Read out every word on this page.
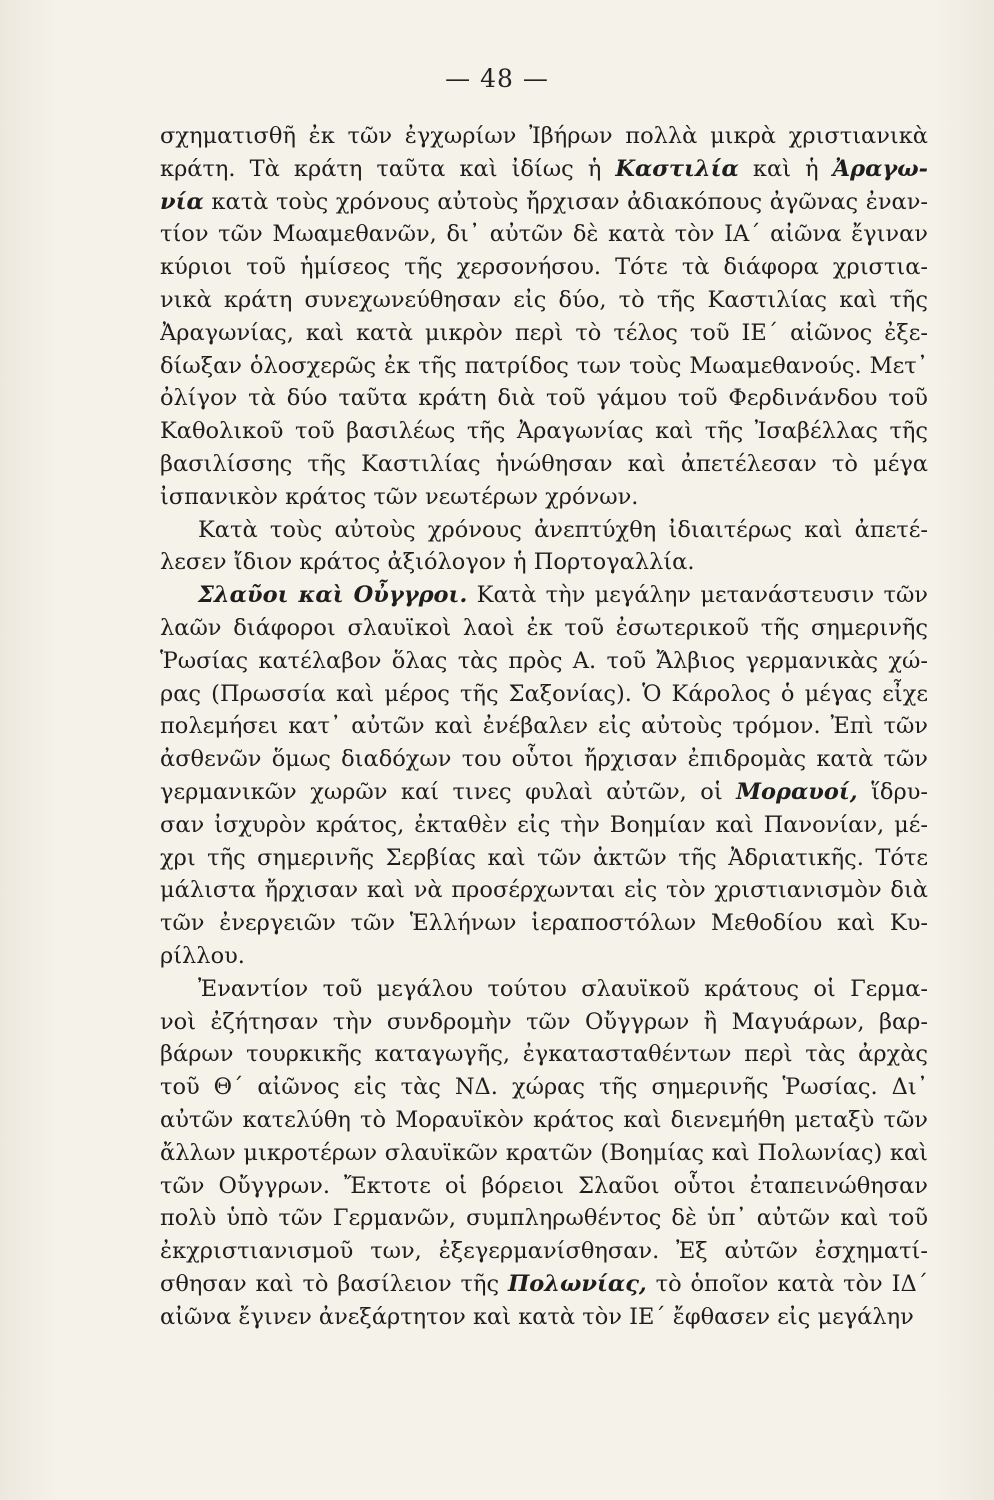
— 48 —
σχηματισθῆ ἐκ τῶν ἐγχωρίων Ἰβήρων πολλὰ μικρὰ χριστιανικὰ
κράτη. Τὰ κράτη ταῦτα καὶ ἰδίως ἡ Καστιλία καὶ ἡ Ἀραγω-
νία κατὰ τοὺς χρόνους αὐτοὺς ἤρχισαν ἀδιακόπους ἀγῶνας ἐναν-
τίον τῶν Μωαμεθανῶν, δι᾽ αὐτῶν δὲ κατὰ τὸν ΙΑ΄ αἰῶνα ἔγιναν
κύριοι τοῦ ἡμίσεος τῆς χερσονήσου. Τότε τὰ διάφορα χριστια-
νικὰ κράτη συνεχωνεύθησαν εἰς δύο, τὸ τῆς Καστιλίας καὶ τῆς
Ἀραγωνίας, καὶ κατὰ μικρὸν περὶ τὸ τέλος τοῦ ΙΕ΄ αἰῶνος ἐξε-
δίωξαν ὁλοσχερῶς ἐκ τῆς πατρίδος των τοὺς Μωαμεθανούς. Μετ᾽
ὀλίγον τὰ δύο ταῦτα κράτη διὰ τοῦ γάμου τοῦ Φερδινάνδου τοῦ
Καθολικοῦ τοῦ βασιλέως τῆς Ἀραγωνίας καὶ τῆς Ἰσαβέλλας τῆς
βασιλίσσης τῆς Καστιλίας ἡνώθησαν καὶ ἀπετέλεσαν τὸ μέγα
ἰσπανικὸν κράτος τῶν νεωτέρων χρόνων.
Κατὰ τοὺς αὐτοὺς χρόνους ἀνεπτύχθη ἰδιαιτέρως καὶ ἀπετέ-
λεσεν ἴδιον κράτος ἀξιόλογον ἡ Πορτογαλλία.
Σλαῦοι καὶ Οὖγγροι. Κατὰ τὴν μεγάλην μετανάστευσιν τῶν
λαῶν διάφοροι σλαυϊκοὶ λαοὶ ἐκ τοῦ ἐσωτερικοῦ τῆς σημερινῆς
Ῥωσίας κατέλαβον ὅλας τὰς πρὸς Α. τοῦ Ἄλβιος γερμανικὰς χώ-
ρας (Πρωσσία καὶ μέρος τῆς Σαξονίας). Ὁ Κάρολος ὁ μέγας εἶχε
πολεμήσει κατ᾽ αὐτῶν καὶ ἐνέβαλεν εἰς αὐτοὺς τρόμον. Ἐπὶ τῶν
ἀσθενῶν ὅμως διαδόχων του οὗτοι ἤρχισαν ἐπιδρομὰς κατὰ τῶν
γερμανικῶν χωρῶν καί τινες φυλαὶ αὐτῶν, οἱ Μοραυοί, ἵδρυ-
σαν ἰσχυρὸν κράτος, ἐκταθὲν εἰς τὴν Βοημίαν καὶ Πανονίαν, μέ-
χρι τῆς σημερινῆς Σερβίας καὶ τῶν ἀκτῶν τῆς Ἀδριατικῆς. Τότε
μάλιστα ἤρχισαν καὶ νὰ προσέρχωνται εἰς τὸν χριστιανισμὸν διὰ
τῶν ἐνεργειῶν τῶν Ἑλλήνων ἱεραποστόλων Μεθοδίου καὶ Κυ-
ρίλλου.
Ἐναντίον τοῦ μεγάλου τούτου σλαυϊκοῦ κράτους οἱ Γερμα-
νοὶ ἐζήτησαν τὴν συνδρομὴν τῶν Οὔγγρων ἢ Μαγυάρων, βαρ-
βάρων τουρκικῆς καταγωγῆς, ἐγκατασταθέντων περὶ τὰς ἀρχὰς
τοῦ Θ΄ αἰῶνος εἰς τὰς ΝΔ. χώρας τῆς σημερινῆς Ῥωσίας. Δι᾽
αὐτῶν κατελύθη τὸ Μοραυϊκὸν κράτος καὶ διενεμήθη μεταξὺ τῶν
ἄλλων μικροτέρων σλαυϊκῶν κρατῶν (Βοημίας καὶ Πολωνίας) καὶ
τῶν Οὔγγρων. Ἔκτοτε οἱ βόρειοι Σλαῦοι οὗτοι ἐταπεινώθησαν
πολὺ ὑπὸ τῶν Γερμανῶν, συμπληρωθέντος δὲ ὑπ᾽ αὐτῶν καὶ τοῦ
ἐκχριστιανισμοῦ των, ἐξεγερμανίσθησαν. Ἐξ αὐτῶν ἐσχηματί-
σθησαν καὶ τὸ βασίλειον τῆς Πολωνίας, τὸ ὁποῖον κατὰ τὸν ΙΔ΄
αἰῶνα ἔγινεν ἀνεξάρτητον καὶ κατὰ τὸν ΙΕ΄ ἔφθασεν εἰς μεγάλην
